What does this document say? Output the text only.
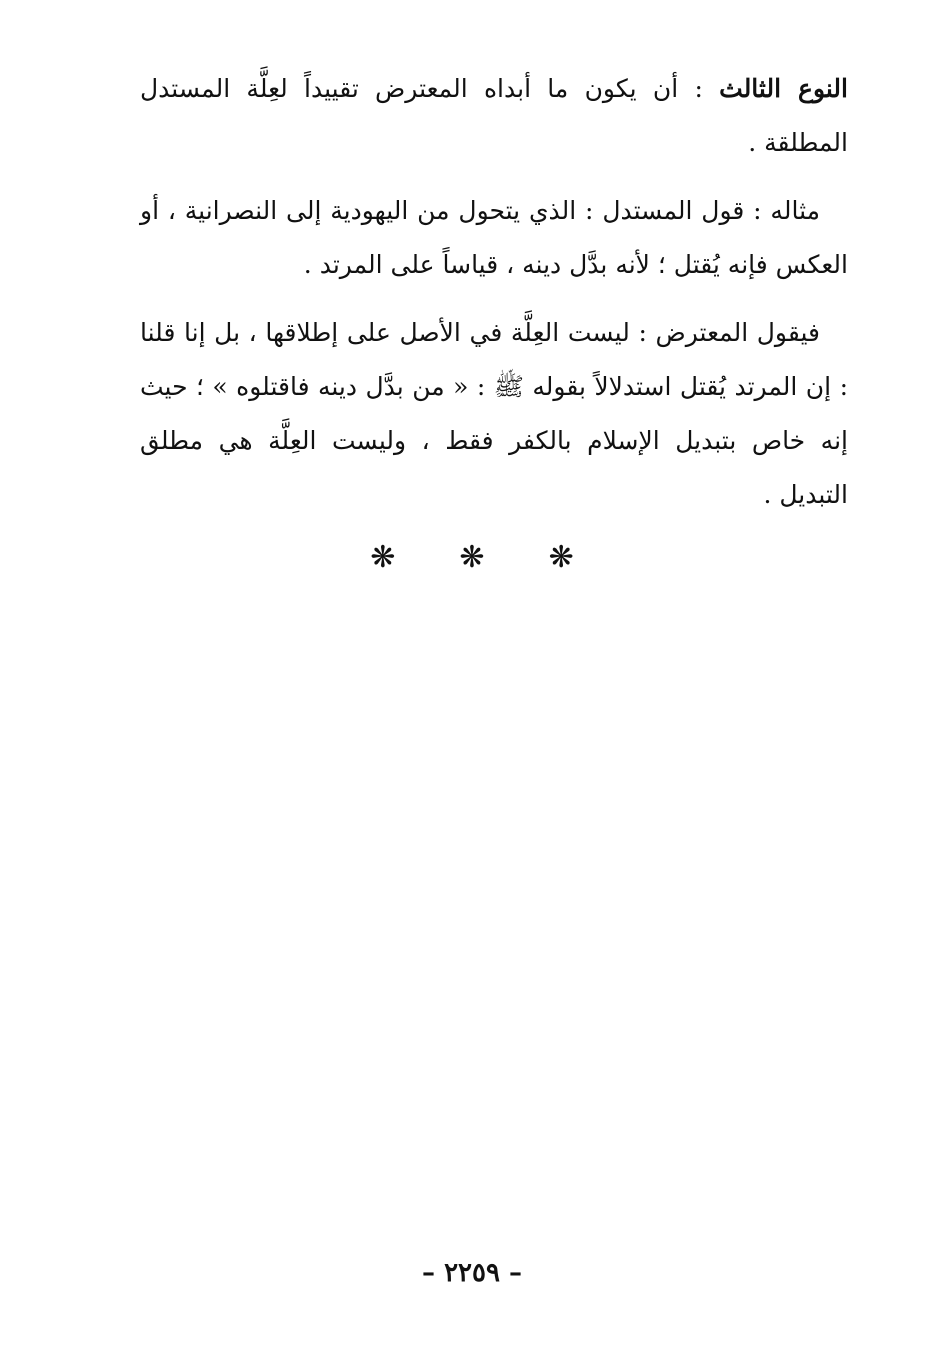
النوع الثالث : أن يكون ما أبداه المعترض تقييداً لعِلَّة المستدل المطلقة .

مثاله : قول المستدل : الذي يتحول من اليهودية إلى النصرانية ، أو العكس فإنه يُقتل ؛ لأنه بدَّل دينه ، قياساً على المرتد .

فيقول المعترض : ليست العِلَّة في الأصل على إطلاقها ، بل إنا قلنا : إن المرتد يُقتل استدلالاً بقوله ﷺ : « من بدَّل دينه فاقتلوه » ؛ حيث إنه خاص بتبديل الإسلام بالكفر فقط ، وليست العِلَّة هي مطلق التبديل .

❋ ❋ ❋
– ٢٢٥٩ –
